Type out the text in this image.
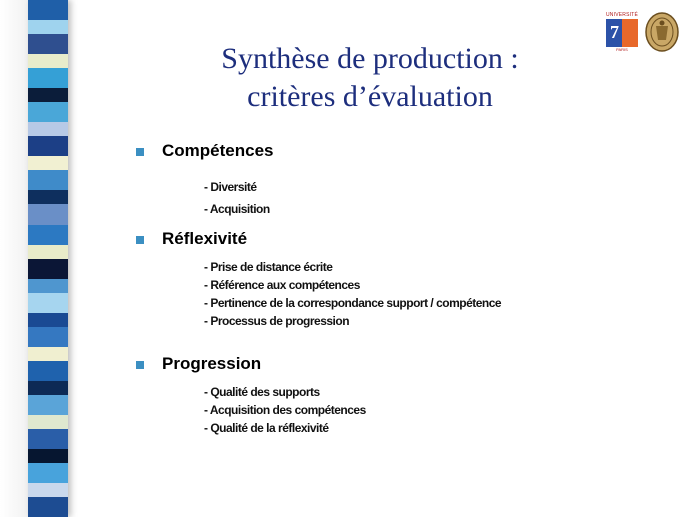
UNIVERSITÉ
7
PARIS
Synthèse de production :
critères d’évaluation
Compétences
- Diversité
- Acquisition
Réflexivité
- Prise de distance écrite
- Référence aux compétences
- Pertinence de la correspondance support / compétence
- Processus de progression
Progression
- Qualité des supports
- Acquisition des compétences
- Qualité de la réflexivité
